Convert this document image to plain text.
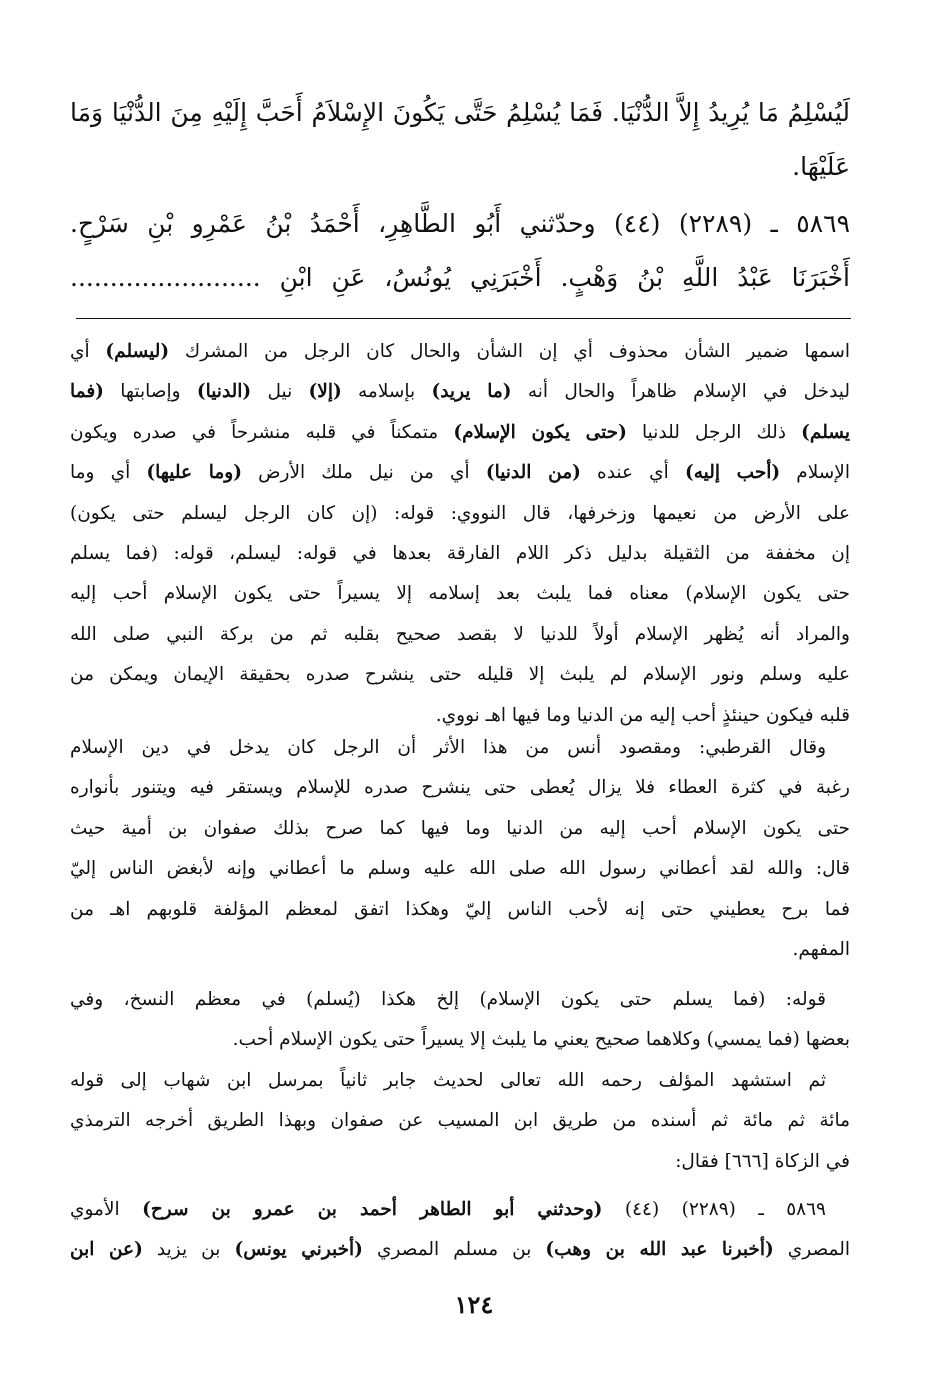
لَيُسْلِمُ مَا يُرِيدُ إِلاَّ الدُّنْيَا. فَمَا يُسْلِمُ حَتَّى يَكُونَ الإِسْلاَمُ أَحَبَّ إِلَيْهِ مِنَ الدُّنْيَا وَمَا
عَلَيْهَا.
٥٨٦٩ ـ (٢٢٨٩) (٤٤) وحدّثني أَبُو الطَّاهِرِ، أَحْمَدُ بْنُ عَمْرِو بْنِ سَرْحٍ.
أَخْبَرَنَا عَبْدُ اللَّهِ بْنُ وَهْبٍ. أَخْبَرَنِي يُونُسُ، عَنِ ابْنِ ........................
اسمها ضمير الشأن محذوف أي إن الشأن والحال كان الرجل من المشرك (ليسلم) أي
ليدخل في الإسلام ظاهراً والحال أنه (ما يريد) بإسلامه (إلا) نيل (الدنيا) وإصابتها (فما
يسلم) ذلك الرجل للدنيا (حتى يكون الإسلام) متمكناً في قلبه منشرحاً في صدره ويكون
الإسلام (أحب إليه) أي عنده (من الدنيا) أي من نيل ملك الأرض (وما عليها) أي وما
على الأرض من نعيمها وزخرفها، قال النووي: قوله: (إن كان الرجل ليسلم حتى يكون)
إن مخففة من الثقيلة بدليل ذكر اللام الفارقة بعدها في قوله: ليسلم، قوله: (فما يسلم
حتى يكون الإسلام) معناه فما يلبث بعد إسلامه إلا يسيراً حتى يكون الإسلام أحب إليه
والمراد أنه يُظهر الإسلام أولاً للدنيا لا بقصد صحيح بقلبه ثم من بركة النبي صلى الله
عليه وسلم ونور الإسلام لم يلبث إلا قليله حتى ينشرح صدره بحقيقة الإيمان ويمكن من
قلبه فيكون حينئذٍ أحب إليه من الدنيا وما فيها اهـ نووي.
وقال القرطبي: ومقصود أنس من هذا الأثر أن الرجل كان يدخل في دين الإسلام
رغبة في كثرة العطاء فلا يزال يُعطى حتى ينشرح صدره للإسلام ويستقر فيه ويتنور بأنواره
حتى يكون الإسلام أحب إليه من الدنيا وما فيها كما صرح بذلك صفوان بن أمية حيث
قال: والله لقد أعطاني رسول الله صلى الله عليه وسلم ما أعطاني وإنه لأبغض الناس إليّ
فما برح يعطيني حتى إنه لأحب الناس إليّ وهكذا اتفق لمعظم المؤلفة قلوبهم اهـ من
المفهم.
قوله: (فما يسلم حتى يكون الإسلام) إلخ هكذا (يُسلم) في معظم النسخ، وفي
بعضها (فما يمسي) وكلاهما صحيح يعني ما يلبث إلا يسيراً حتى يكون الإسلام أحب.
ثم استشهد المؤلف رحمه الله تعالى لحديث جابر ثانياً بمرسل ابن شهاب إلى قوله
مائة ثم مائة ثم أسنده من طريق ابن المسيب عن صفوان وبهذا الطريق أخرجه الترمذي
في الزكاة [٦٦٦] فقال:
٥٨٦٩ ـ (٢٢٨٩) (٤٤) (وحدثني أبو الطاهر أحمد بن عمرو بن سرح) الأموي
المصري (أخبرنا عبد الله بن وهب) بن مسلم المصري (أخبرني يونس) بن يزيد (عن ابن
١٢٤
